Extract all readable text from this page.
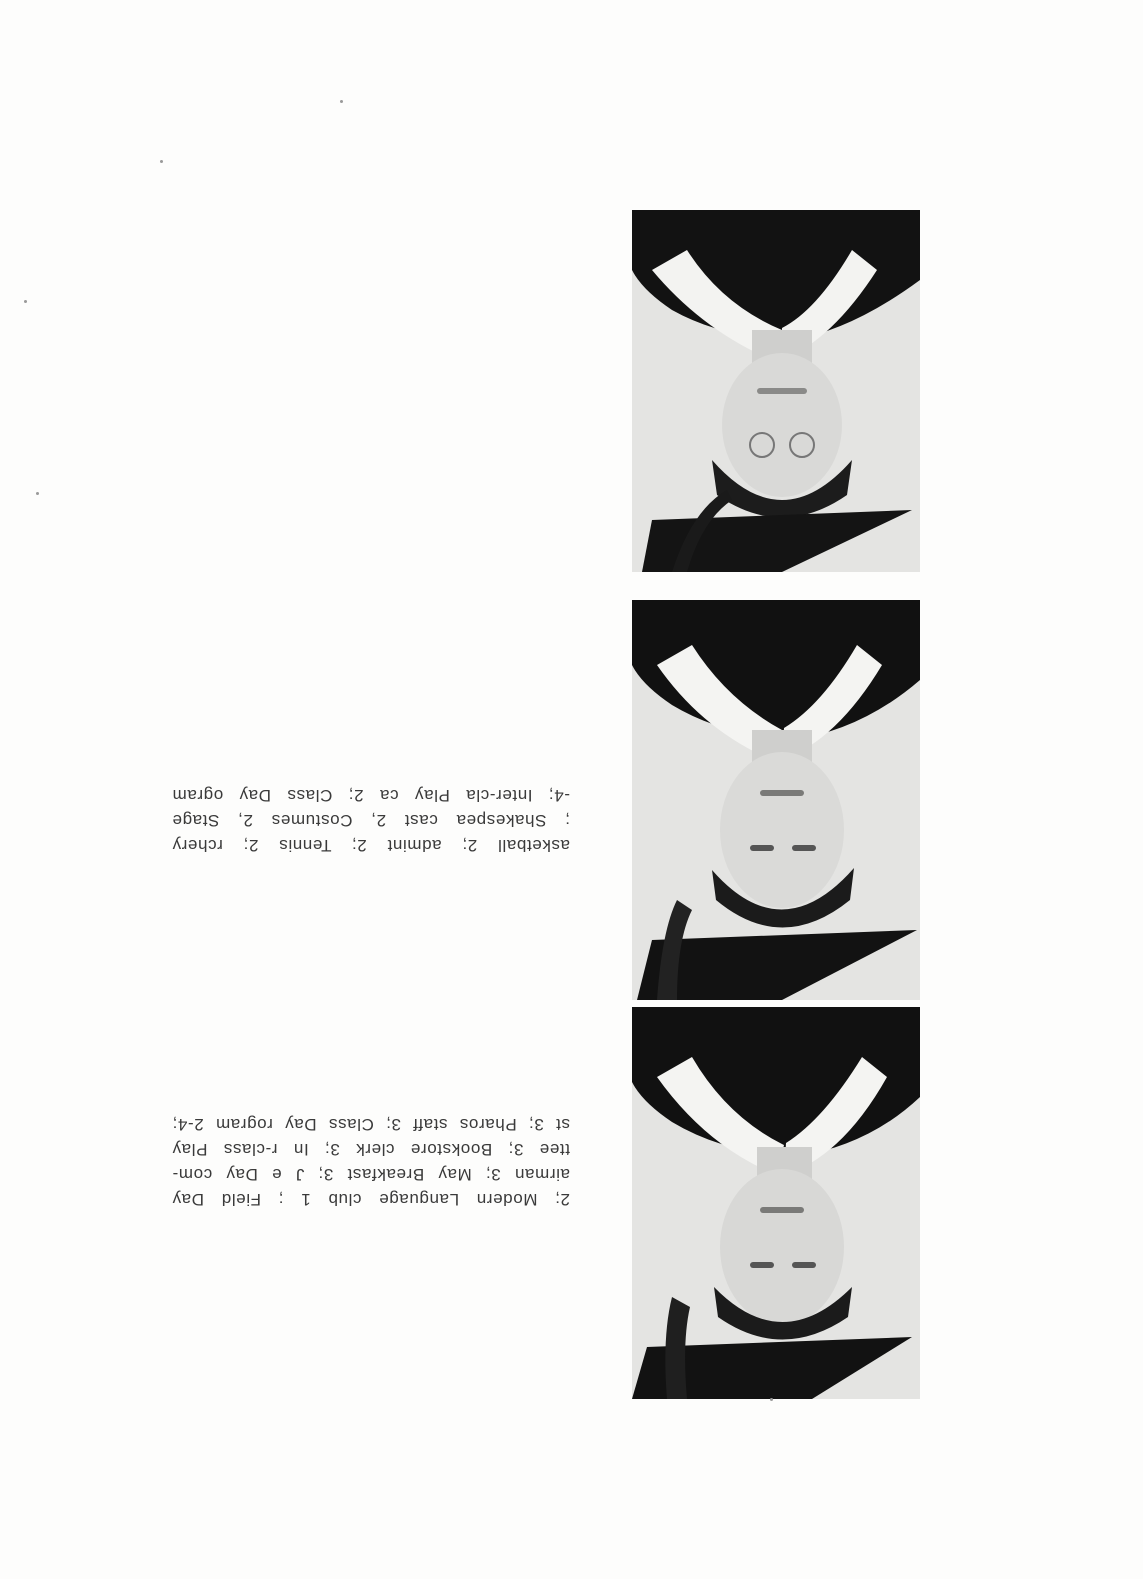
2; Modern Language club 1 ; Field Day
airman 3; May Breakfast 3; J e Day com-
ttee 3; Bookstore clerk 3; In r-class Play
st 3; Pharos staff 3; Class Day rogram 2-4;
asketball 2; admint 2; Tennis 2; rchery
; Shakespea cast 2, Costumes 2, Stage
-4; Inter-cla Play ca 2; Class Day ogram
